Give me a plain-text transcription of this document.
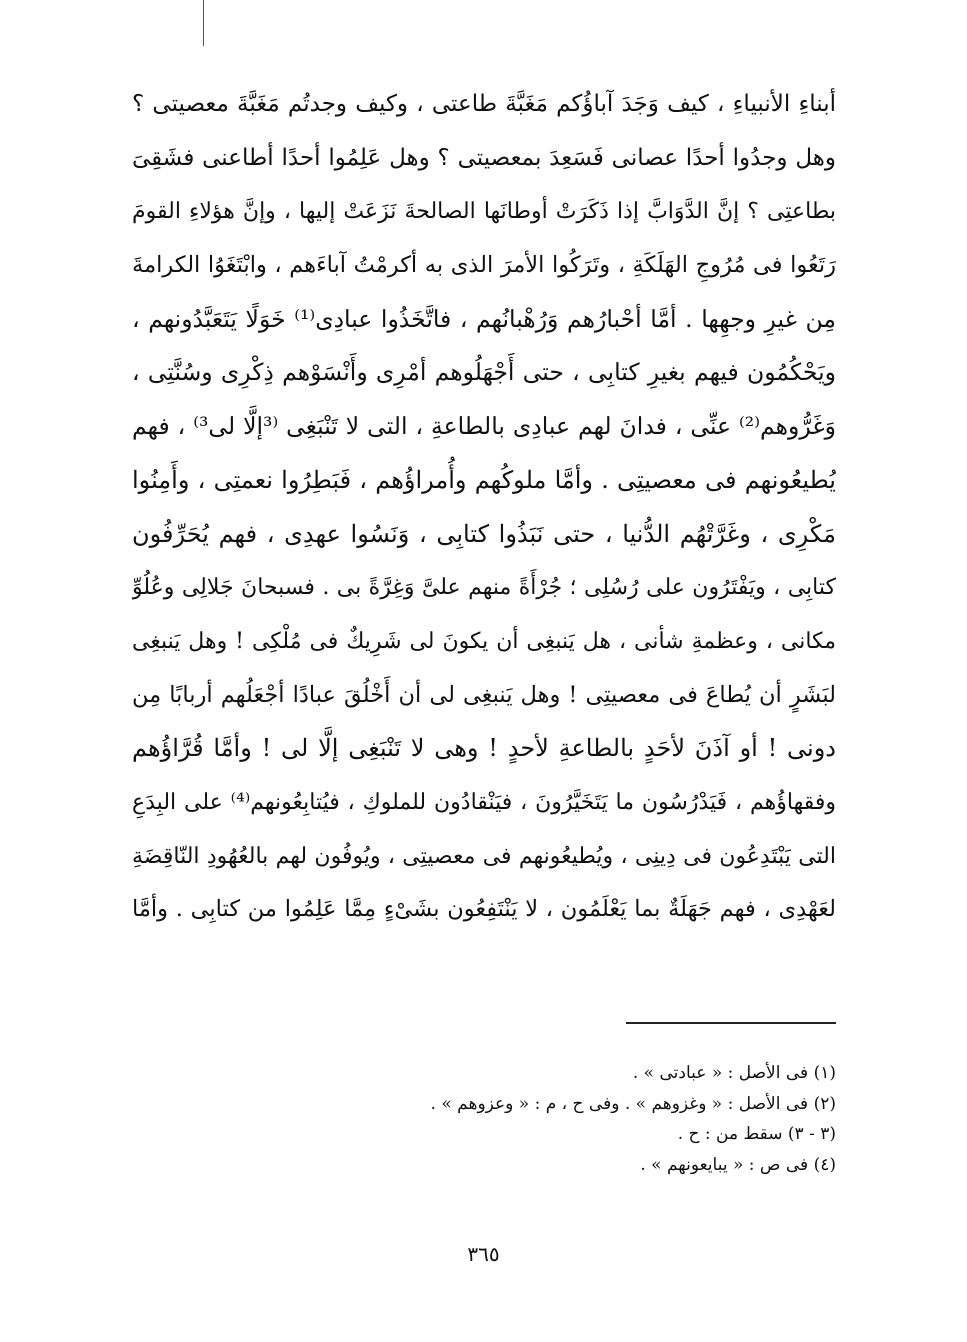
أبناءِ الأنبياءِ ، كيف وَجَدَ آباؤُكم مَغَبَّةَ طاعتى ، وكيف وجدتُم مَغَبَّةَ معصيتى ؟
وهل وجدُوا أحدًا عصانى فَسَعِدَ بمعصيتى ؟ وهل عَلِمُوا أحدًا أطاعنى فشَقِىَ
بطاعتِى ؟ إنَّ الدَّوَابَّ إذا ذَكَرَتْ أوطانَها الصالحةَ نَزَعَتْ إليها ، وإنَّ هؤلاءِ القومَ
رَتَعُوا فى مُرُوجِ الهَلَكَةِ ، وتَرَكُوا الأمرَ الذى به أكرمْتُ آباءَهم ، وابْتَغَوُا الكرامةَ
مِن غيرِ وجهِها . أمَّا أحْبارُهم وَرُهْبانُهم ، فاتَّخَذُوا عبادِى⁽¹⁾ خَوَلًا يَتَعَبَّدُونهم ،
ويَحْكُمُون فيهم بغيرِ كتابِى ، حتى أَجْهَلُوهم أمْرِى وأَنْسَوْهم ذِكْرِى وسُنَّتِى ،
وَغَرُّوهم⁽²⁾ عنِّى ، فدانَ لهم عبادِى بالطاعةِ ، التى لا تَنْبَغِى ⁽³إلَّا لى³⁾ ، فهم
يُطيعُونهم فى معصيتِى . وأمَّا ملوكُهم وأُمراؤُهم ، فَبَطِرُوا نعمتِى ، وأَمِنُوا
مَكْرِى ، وغَرَّتْهُم الدُّنيا ، حتى نَبَذُوا كتابِى ، وَنَسُوا عهدِى ، فهم يُحَرِّفُون
كتابِى ، ويَفْتَرُون على رُسُلِى ؛ جُرْأَةً منهم علىَّ وَغِرَّةً بى . فسبحانَ جَلالِى وعُلُوِّ
مكانى ، وعظمةِ شأنى ، هل يَنبغِى أن يكونَ لى شَرِيكٌ فى مُلْكِى ! وهل يَنبغِى
لبَشَرٍ أن يُطاعَ فى معصيتِى ! وهل يَنبغِى لى أن أَخْلُقَ عبادًا أجْعَلُهم أربابًا مِن
دونى ! أو آذَنَ لأحَدٍ بالطاعةِ لأحدٍ ! وهى لا تَنْبَغِى إلَّا لى ! وأمَّا قُرَّاؤُهم
وفقهاؤُهم ، فَيَدْرُسُون ما يَتَخَيَّرُونَ ، فيَنْقادُون للملوكِ ، فيُتابِعُونهم⁽⁴⁾ على البِدَعِ
التى يَبْتَدِعُون فى دِينِى ، ويُطيعُونهم فى معصيتِى ، ويُوفُون لهم بالعُهُودِ النّاقِضَةِ
لعَهْدِى ، فهم جَهَلَةٌ بما يَعْلَمُون ، لا يَنْتَفِعُون بشَىْءٍ مِمَّا عَلِمُوا من كتابِى . وأمَّا
(١) فى الأصل : « عبادتى » .
(٢) فى الأصل : « وغزوهم » . وفى ح ، م : « وعزوهم » .
(٣ - ٣) سقط من : ح .
(٤) فى ص : « يبايعونهم » .
٣٦٥
